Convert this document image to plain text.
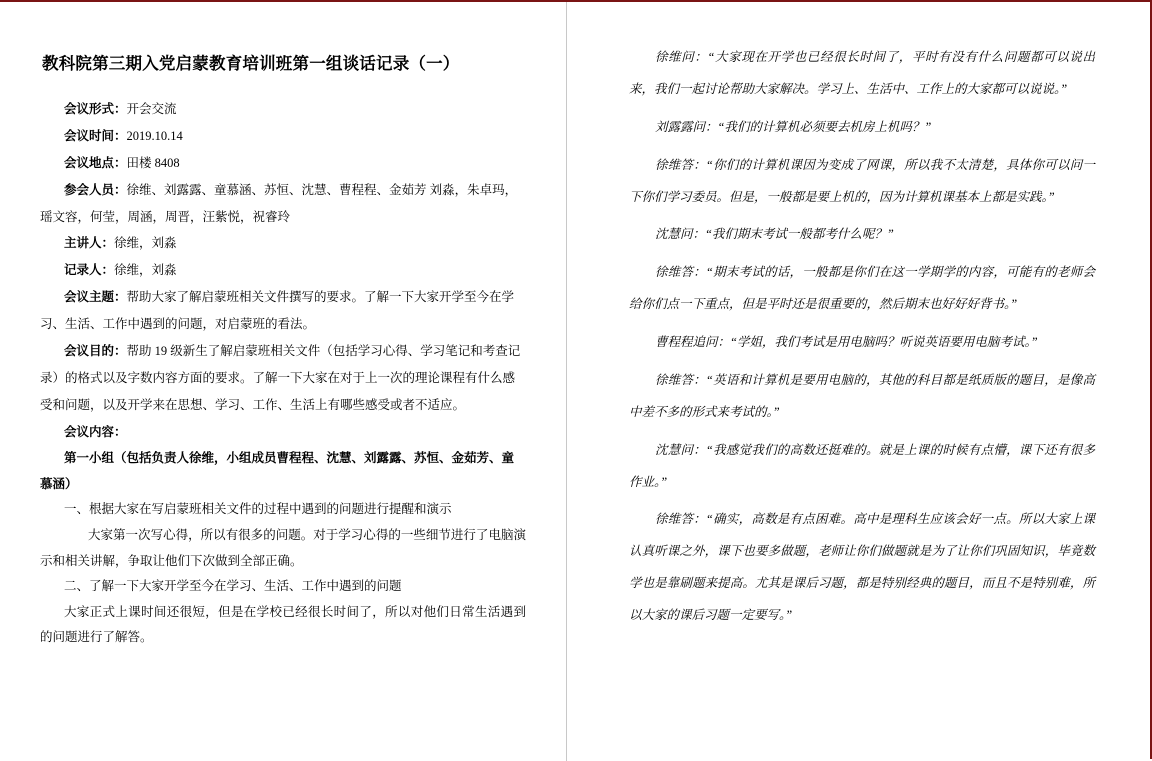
教科院第三期入党启蒙教育培训班第一组谈话记录（一）

会议形式：开会交流

会议时间：2019.10.14

会议地点：田楼 8408

参会人员：徐维、刘露露、童慕涵、苏恒、沈慧、曹程程、金茹芳 刘淼，朱卓玛，瑶文容，何莹，周涵，周晋，汪紫悦，祝睿玲

主讲人：徐维，刘淼

记录人：徐维，刘淼

会议主题：帮助大家了解启蒙班相关文件撰写的要求。了解一下大家开学至今在学习、生活、工作中遇到的问题，对启蒙班的看法。

会议目的：帮助 19 级新生了解启蒙班相关文件（包括学习心得、学习笔记和考查记录）的格式以及字数内容方面的要求。了解一下大家在对于上一次的理论课程有什么感受和问题，以及开学来在思想、学习、工作、生活上有哪些感受或者不适应。

会议内容：

第一小组（包括负责人徐维，小组成员曹程程、沈慧、刘露露、苏恒、金茹芳、童慕涵）

一、根据大家在写启蒙班相关文件的过程中遇到的问题进行提醒和演示

大家第一次写心得，所以有很多的问题。对于学习心得的一些细节进行了电脑演示和相关讲解，争取让他们下次做到全部正确。

二、了解一下大家开学至今在学习、生活、工作中遇到的问题

大家正式上课时间还很短，但是在学校已经很长时间了，所以对他们日常生活遇到的问题进行了解答。

徐维问：“大家现在开学也已经很长时间了，平时有没有什么问题都可以说出来，我们一起讨论帮助大家解决。学习上、生活中、工作上的大家都可以说说。”

刘露露问：“我们的计算机必须要去机房上机吗？”

徐维答：“你们的计算机课因为变成了网课，所以我不太清楚，具体你可以问一下你们学习委员。但是，一般都是要上机的，因为计算机课基本上都是实践。”

沈慧问：“我们期末考试一般都考什么呢？”

徐维答：“期末考试的话，一般都是你们在这一学期学的内容，可能有的老师会给你们点一下重点，但是平时还是很重要的，然后期末也好好好背书。”

曹程程追问：“学姐，我们考试是用电脑吗？听说英语要用电脑考试。”

徐维答：“英语和计算机是要用电脑的，其他的科目都是纸质版的题目，是像高中差不多的形式来考试的。”

沈慧问：“我感觉我们的高数还挺难的。就是上课的时候有点懵，课下还有很多作业。”

徐维答：“确实，高数是有点困难。高中是理科生应该会好一点。所以大家上课认真听课之外，课下也要多做题，老师让你们做题就是为了让你们巩固知识，毕竟数学也是靠刷题来提高。尤其是课后习题，都是特别经典的题目，而且不是特别难，所以大家的课后习题一定要写。”
